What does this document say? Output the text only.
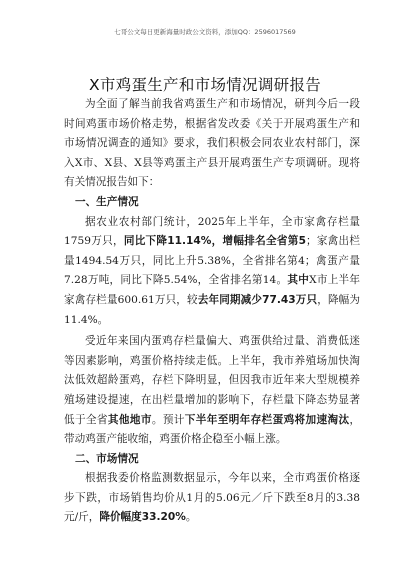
七哥公文每日更新海量时政公文资料，添加QQ：2596017569
X市鸡蛋生产和市场情况调研报告

为全面了解当前我省鸡蛋生产和市场情况，研判今后一段时间鸡蛋市场价格走势，根据省发改委《关于开展鸡蛋生产和市场情况调查的通知》要求，我们积极会同农业农村部门，深入X市、X县、X县等鸡蛋主产县开展鸡蛋生产专项调研。现将有关情况报告如下：

一、生产情况

据农业农村部门统计，2025年上半年，全市家禽存栏量1759万只，同比下降11.14%，增幅排名全省第5；家禽出栏量1494.54万只，同比上升5.38%，全省排名第4；禽蛋产量7.28万吨，同比下降5.54%，全省排名第14。其中X市上半年家禽存栏量600.61万只，较去年同期减少77.43万只，降幅为11.4%。

受近年来国内蛋鸡存栏量偏大、鸡蛋供给过量、消费低迷等因素影响，鸡蛋价格持续走低。上半年，我市养殖场加快淘汰低效超龄蛋鸡，存栏下降明显，但因我市近年来大型规模养殖场建设提速，在出栏量增加的影响下，存栏量下降态势显著低于全省其他地市。预计下半年至明年存栏蛋鸡将加速淘汰，带动鸡蛋产能收缩，鸡蛋价格企稳至小幅上涨。

二、市场情况

根据我委价格监测数据显示，今年以来，全市鸡蛋价格逐步下跌，市场销售均价从1月的5.06元／斤下跌至8月的3.38元/斤，降价幅度33.20%。
